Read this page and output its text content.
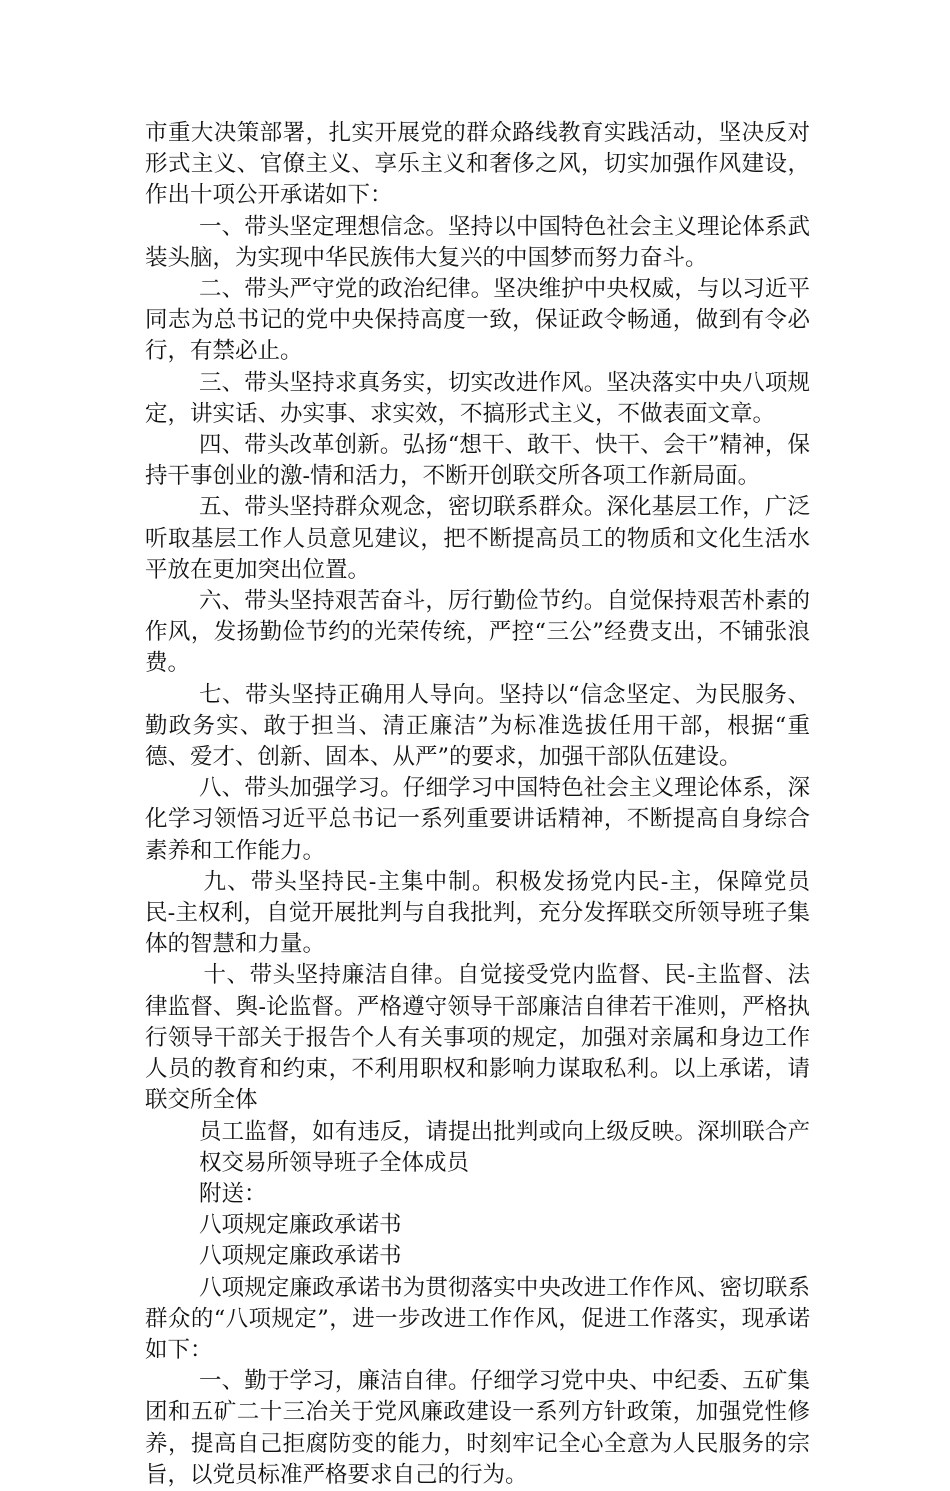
市重大决策部署，扎实开展党的群众路线教育实践活动，坚决反对形式主义、官僚主义、享乐主义和奢侈之风，切实加强作风建设，作出十项公开承诺如下：

一、带头坚定理想信念。坚持以中国特色社会主义理论体系武装头脑，为实现中华民族伟大复兴的中国梦而努力奋斗。

二、带头严守党的政治纪律。坚决维护中央权威，与以习近平同志为总书记的党中央保持高度一致，保证政令畅通，做到有令必行，有禁必止。

三、带头坚持求真务实，切实改进作风。坚决落实中央八项规定，讲实话、办实事、求实效，不搞形式主义，不做表面文章。

四、带头改革创新。弘扬“想干、敢干、快干、会干”精神，保持干事创业的激-情和活力，不断开创联交所各项工作新局面。

五、带头坚持群众观念，密切联系群众。深化基层工作，广泛听取基层工作人员意见建议，把不断提高员工的物质和文化生活水平放在更加突出位置。

六、带头坚持艰苦奋斗，厉行勤俭节约。自觉保持艰苦朴素的作风，发扬勤俭节约的光荣传统，严控“三公”经费支出，不铺张浪费。

七、带头坚持正确用人导向。坚持以“信念坚定、为民服务、勤政务实、敢于担当、清正廉洁”为标准选拔任用干部，根据“重德、爱才、创新、固本、从严”的要求，加强干部队伍建设。

八、带头加强学习。仔细学习中国特色社会主义理论体系，深化学习领悟习近平总书记一系列重要讲话精神，不断提高自身综合素养和工作能力。

九、带头坚持民-主集中制。积极发扬党内民-主，保障党员民-主权利，自觉开展批判与自我批判，充分发挥联交所领导班子集体的智慧和力量。

十、带头坚持廉洁自律。自觉接受党内监督、民-主监督、法律监督、舆-论监督。严格遵守领导干部廉洁自律若干准则，严格执行领导干部关于报告个人有关事项的规定，加强对亲属和身边工作人员的教育和约束，不利用职权和影响力谋取私利。以上承诺，请联交所全体

员工监督，如有违反，请提出批判或向上级反映。深圳联合产权交易所领导班子全体成员

附送：

八项规定廉政承诺书

八项规定廉政承诺书

八项规定廉政承诺书为贯彻落实中央改进工作作风、密切联系群众的“八项规定”，进一步改进工作作风，促进工作落实，现承诺如下：

一、勤于学习，廉洁自律。仔细学习党中央、中纪委、五矿集团和五矿二十三冶关于党风廉政建设一系列方针政策，加强党性修养，提高自己拒腐防变的能力，时刻牢记全心全意为人民服务的宗旨，以党员标准严格要求自己的行为。
